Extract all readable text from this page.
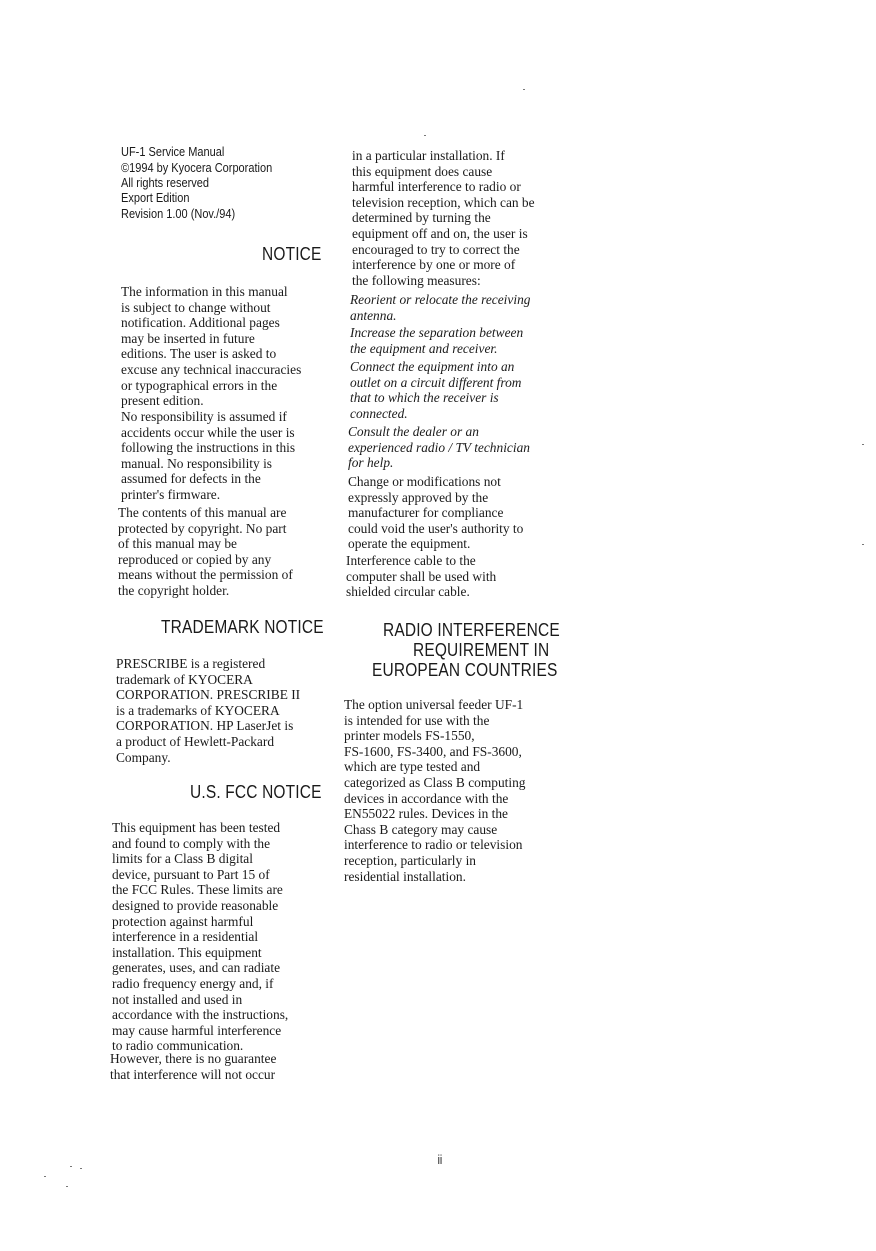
UF-1 Service Manual
©1994 by Kyocera Corporation
All rights reserved
Export Edition
Revision 1.00 (Nov./94)
NOTICE
The information in this manual
is subject to change without
notification. Additional pages
may be inserted in future
editions. The user is asked to
excuse any technical inaccuracies
or typographical errors in the
present edition.
No responsibility is assumed if
accidents occur while the user is
following the instructions in this
manual. No responsibility is
assumed for defects in the
printer's firmware.
The contents of this manual are
protected by copyright. No part
of this manual may be
reproduced or copied by any
means without the permission of
the copyright holder.
TRADEMARK NOTICE
PRESCRIBE is a registered
trademark of KYOCERA
CORPORATION. PRESCRIBE II
is a trademarks of KYOCERA
CORPORATION. HP LaserJet is
a product of Hewlett-Packard
Company.
U.S. FCC NOTICE
This equipment has been tested
and found to comply with the
limits for a Class B digital
device, pursuant to Part 15 of
the FCC Rules. These limits are
designed to provide reasonable
protection against harmful
interference in a residential
installation. This equipment
generates, uses, and can radiate
radio frequency energy and, if
not installed and used in
accordance with the instructions,
may cause harmful interference
to radio communication.
However, there is no guarantee
that interference will not occur
in a particular installation. If
this equipment does cause
harmful interference to radio or
television reception, which can be
determined by turning the
equipment off and on, the user is
encouraged to try to correct the
interference by one or more of
the following measures:
Reorient or relocate the receiving
antenna.
Increase the separation between
the equipment and receiver.
Connect the equipment into an
outlet on a circuit different from
that to which the receiver is
connected.
Consult the dealer or an
experienced radio / TV technician
for help.
Change or modifications not
expressly approved by the
manufacturer for compliance
could void the user's authority to
operate the equipment.
Interference cable to the
computer shall be used with
shielded circular cable.
RADIO INTERFERENCE
REQUIREMENT IN
EUROPEAN COUNTRIES
The option universal feeder UF-1
is intended for use with the
printer models FS-1550,
FS-1600, FS-3400, and FS-3600,
which are type tested and
categorized as Class B computing
devices in accordance with the
EN55022 rules. Devices in the
Chass B category may cause
interference to radio or television
reception, particularly in
residential installation.
ii
